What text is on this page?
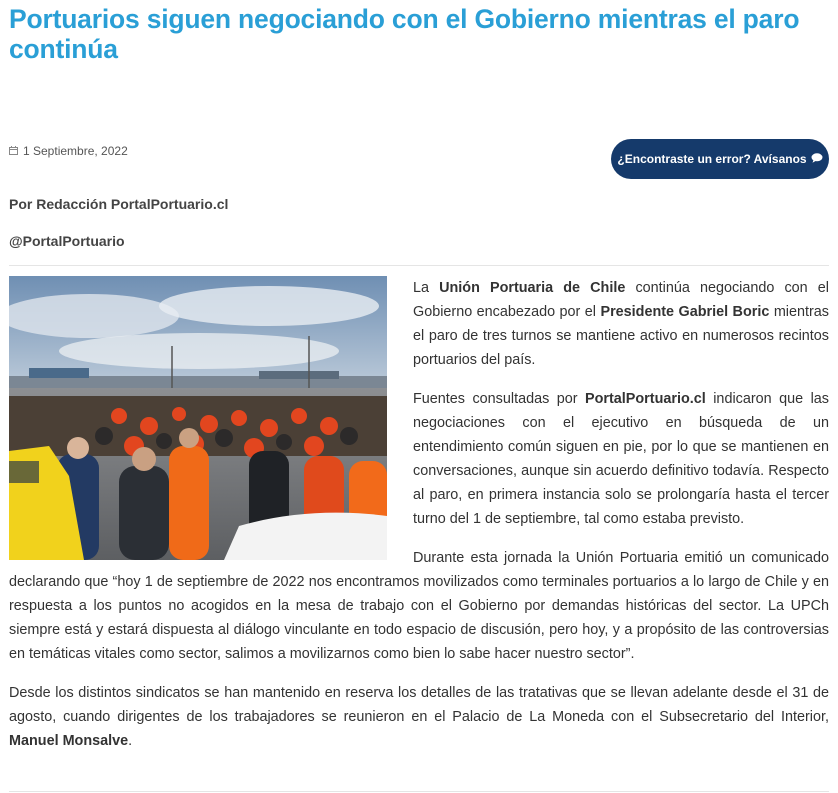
Portuarios siguen negociando con el Gobierno mientras el paro continúa
1 Septiembre, 2022
¿Encontraste un error? Avísanos
Por Redacción PortalPortuario.cl
@PortalPortuario

La Unión Portuaria de Chile continúa negociando con el Gobierno encabezado por el Presidente Gabriel Boric mientras el paro de tres turnos se mantiene activo en numerosos recintos portuarios del país.

Fuentes consultadas por PortalPortuario.cl indicaron que las negociaciones con el ejecutivo en búsqueda de un entendimiento común siguen en pie, por lo que se mantienen en conversaciones, aunque sin acuerdo definitivo todavía. Respecto al paro, en primera instancia solo se prolongaría hasta el tercer turno del 1 de septiembre, tal como estaba previsto.

Durante esta jornada la Unión Portuaria emitió un comunicado declarando que “hoy 1 de septiembre de 2022 nos encontramos movilizados como terminales portuarios a lo largo de Chile y en respuesta a los puntos no acogidos en la mesa de trabajo con el Gobierno por demandas históricas del sector. La UPCh siempre está y estará dispuesta al diálogo vinculante en todo espacio de discusión, pero hoy, y a propósito de las controversias en temáticas vitales como sector, salimos a movilizarnos como bien lo sabe hacer nuestro sector”.

Desde los distintos sindicatos se han mantenido en reserva los detalles de las tratativas que se llevan adelante desde el 31 de agosto, cuando dirigentes de los trabajadores se reunieron en el Palacio de La Moneda con el Subsecretario del Interior, Manuel Monsalve.
